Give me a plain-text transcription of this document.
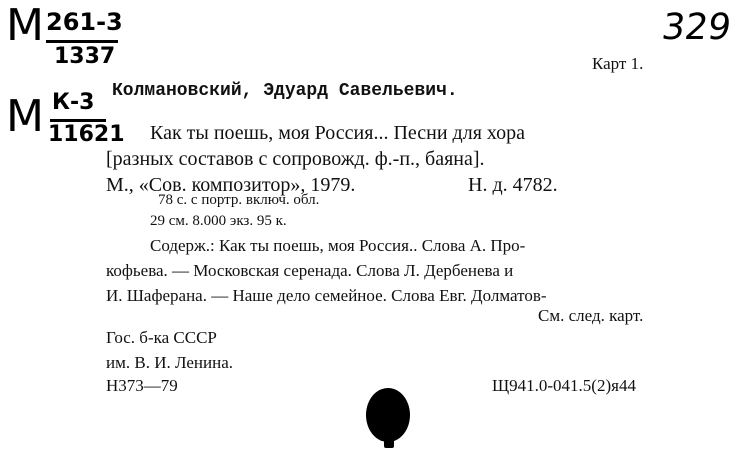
М 261-3
1337
М К-3
11621
329
Карт 1.
Колмановский, Эдуард Савельевич.
Как ты поешь, моя Россия... Песни для хора
[разных составов с сопровожд. ф.-п., баяна].
М., «Сов. композитор», 1979.	Н. д. 4782.
78 с. с портр. включ. обл.
29 см. 8.000 экз. 95 к.
Содерж.: Как ты поешь, моя Россия.. Слова А. Про-
кофьева. — Московская серенада. Слова Л. Дербенева и
И. Шаферана. — Наше дело семейное. Слова Евг. Долматов-
См. след. карт.
Гос. б-ка СССР
им. В. И. Ленина.
Н373—79	Щ941.0-041.5(2)я44
